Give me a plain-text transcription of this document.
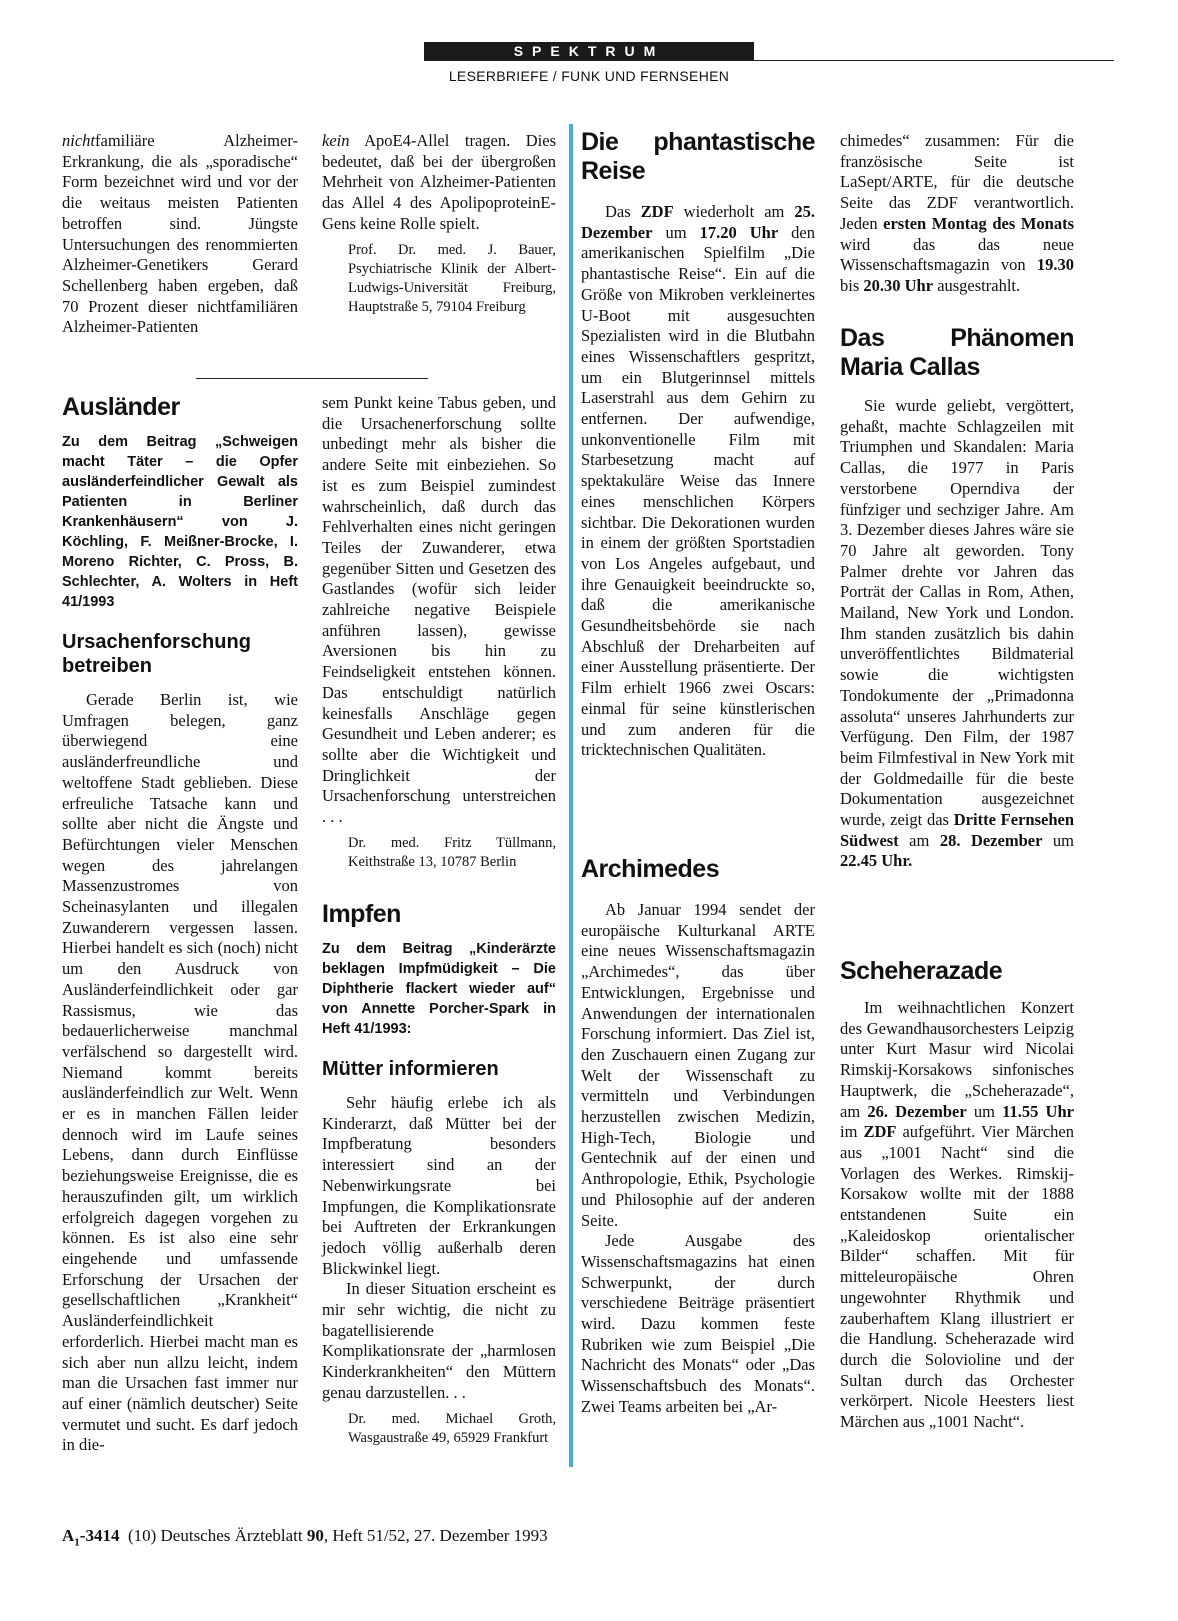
SPEKTRUM
LESERBRIEFE / FUNK UND FERNSEHEN

nichtfamiliäre Alzheimer-Erkrankung, die als „sporadische“ Form bezeichnet wird und vor der die weitaus meisten Patienten betroffen sind. Jüngste Untersuchungen des renommierten Alzheimer-Genetikers Gerard Schellenberg haben ergeben, daß 70 Prozent dieser nichtfamiliären Alzheimer-Patienten

kein ApoE4-Allel tragen. Dies bedeutet, daß bei der übergroßen Mehrheit von Alzheimer-Patienten das Allel 4 des ApolipoproteinE-Gens keine Rolle spielt.

Prof. Dr. med. J. Bauer, Psychiatrische Klinik der Albert-Ludwigs-Universität Freiburg, Hauptstraße 5, 79104 Freiburg
Ausländer
Zu dem Beitrag „Schweigen macht Täter – die Opfer ausländerfeindlicher Gewalt als Patienten in Berliner Krankenhäusern“ von J. Köchling, F. Meißner-Brocke, I. Moreno Richter, C. Pross, B. Schlechter, A. Wolters in Heft 41/1993
Ursachenforschung betreiben

Gerade Berlin ist, wie Umfragen belegen, ganz überwiegend eine ausländerfreundliche und weltoffene Stadt geblieben. Diese erfreuliche Tatsache kann und sollte aber nicht die Ängste und Befürchtungen vieler Menschen wegen des jahrelangen Massenzustromes von Scheinasylanten und illegalen Zuwanderern vergessen lassen. Hierbei handelt es sich (noch) nicht um den Ausdruck von Ausländerfeindlichkeit oder gar Rassismus, wie das bedauerlicherweise manchmal verfälschend so dargestellt wird. Niemand kommt bereits ausländerfeindlich zur Welt. Wenn er es in manchen Fällen leider dennoch wird im Laufe seines Lebens, dann durch Einflüsse beziehungsweise Ereignisse, die es herauszufinden gilt, um wirklich erfolgreich dagegen vorgehen zu können. Es ist also eine sehr eingehende und umfassende Erforschung der Ursachen der gesellschaftlichen „Krankheit“ Ausländerfeindlichkeit erforderlich. Hierbei macht man es sich aber nun allzu leicht, indem man die Ursachen fast immer nur auf einer (nämlich deutscher) Seite vermutet und sucht. Es darf jedoch in die-

sem Punkt keine Tabus geben, und die Ursachenerforschung sollte unbedingt mehr als bisher die andere Seite mit einbeziehen. So ist es zum Beispiel zumindest wahrscheinlich, daß durch das Fehlverhalten eines nicht geringen Teiles der Zuwanderer, etwa gegenüber Sitten und Gesetzen des Gastlandes (wofür sich leider zahlreiche negative Beispiele anführen lassen), gewisse Aversionen bis hin zu Feindseligkeit entstehen können. Das entschuldigt natürlich keinesfalls Anschläge gegen Gesundheit und Leben anderer; es sollte aber die Wichtigkeit und Dringlichkeit der Ursachenforschung unterstreichen . . .

Dr. med. Fritz Tüllmann, Keithstraße 13, 10787 Berlin
Impfen
Zu dem Beitrag „Kinderärzte beklagen Impfmüdigkeit – Die Diphtherie flackert wieder auf“ von Annette Porcher-Spark in Heft 41/1993:
Mütter informieren

Sehr häufig erlebe ich als Kinderarzt, daß Mütter bei der Impfberatung besonders interessiert sind an der Nebenwirkungsrate bei Impfungen, die Komplikationsrate bei Auftreten der Erkrankungen jedoch völlig außerhalb deren Blickwinkel liegt.

In dieser Situation erscheint es mir sehr wichtig, die nicht zu bagatellisierende Komplikationsrate der „harmlosen Kinderkrankheiten“ den Müttern genau darzustellen. . .

Dr. med. Michael Groth, Wasgaustraße 49, 65929 Frankfurt
Die phantastische Reise

Das ZDF wiederholt am 25. Dezember um 17.20 Uhr den amerikanischen Spielfilm „Die phantastische Reise“. Ein auf die Größe von Mikroben verkleinertes U-Boot mit ausgesuchten Spezialisten wird in die Blutbahn eines Wissenschaftlers gespritzt, um ein Blutgerinnsel mittels Laserstrahl aus dem Gehirn zu entfernen. Der aufwendige, unkonventionelle Film mit Starbesetzung macht auf spektakuläre Weise das Innere eines menschlichen Körpers sichtbar. Die Dekorationen wurden in einem der größten Sportstadien von Los Angeles aufgebaut, und ihre Genauigkeit beeindruckte so, daß die amerikanische Gesundheitsbehörde sie nach Abschluß der Dreharbeiten auf einer Ausstellung präsentierte. Der Film erhielt 1966 zwei Oscars: einmal für seine künstlerischen und zum anderen für die tricktechnischen Qualitäten.

Archimedes

Ab Januar 1994 sendet der europäische Kulturkanal ARTE eine neues Wissenschaftsmagazin „Archimedes“, das über Entwicklungen, Ergebnisse und Anwendungen der internationalen Forschung informiert. Das Ziel ist, den Zuschauern einen Zugang zur Welt der Wissenschaft zu vermitteln und Verbindungen herzustellen zwischen Medizin, High-Tech, Biologie und Gentechnik auf der einen und Anthropologie, Ethik, Psychologie und Philosophie auf der anderen Seite.

Jede Ausgabe des Wissenschaftsmagazins hat einen Schwerpunkt, der durch verschiedene Beiträge präsentiert wird. Dazu kommen feste Rubriken wie zum Beispiel „Die Nachricht des Monats“ oder „Das Wissenschaftsbuch des Monats“. Zwei Teams arbeiten bei „Ar-

chimedes“ zusammen: Für die französische Seite ist LaSept/ARTE, für die deutsche Seite das ZDF verantwortlich. Jeden ersten Montag des Monats wird das das neue Wissenschaftsmagazin von 19.30 bis 20.30 Uhr ausgestrahlt.

Das Phänomen Maria Callas

Sie wurde geliebt, vergöttert, gehaßt, machte Schlagzeilen mit Triumphen und Skandalen: Maria Callas, die 1977 in Paris verstorbene Operndiva der fünfziger und sechziger Jahre. Am 3. Dezember dieses Jahres wäre sie 70 Jahre alt geworden. Tony Palmer drehte vor Jahren das Porträt der Callas in Rom, Athen, Mailand, New York und London. Ihm standen zusätzlich bis dahin unveröffentlichtes Bildmaterial sowie die wichtigsten Tondokumente der „Primadonna assoluta“ unseres Jahrhunderts zur Verfügung. Den Film, der 1987 beim Filmfestival in New York mit der Goldmedaille für die beste Dokumentation ausgezeichnet wurde, zeigt das Dritte Fernsehen Südwest am 28. Dezember um 22.45 Uhr.

Scheherazade

Im weihnachtlichen Konzert des Gewandhausorchesters Leipzig unter Kurt Masur wird Nicolai Rimskij-Korsakows sinfonisches Hauptwerk, die „Scheherazade“, am 26. Dezember um 11.55 Uhr im ZDF aufgeführt. Vier Märchen aus „1001 Nacht“ sind die Vorlagen des Werkes. Rimskij-Korsakow wollte mit der 1888 entstandenen Suite ein „Kaleidoskop orientalischer Bilder“ schaffen. Mit für mitteleuropäische Ohren ungewohnter Rhythmik und zauberhaftem Klang illustriert er die Handlung. Scheherazade wird durch die Solovioline und der Sultan durch das Orchester verkörpert. Nicole Heesters liest Märchen aus „1001 Nacht“.

$A_1-3414$ (10) Deutsches Ärzteblatt 90, Heft 51/52, 27. Dezember 1993
